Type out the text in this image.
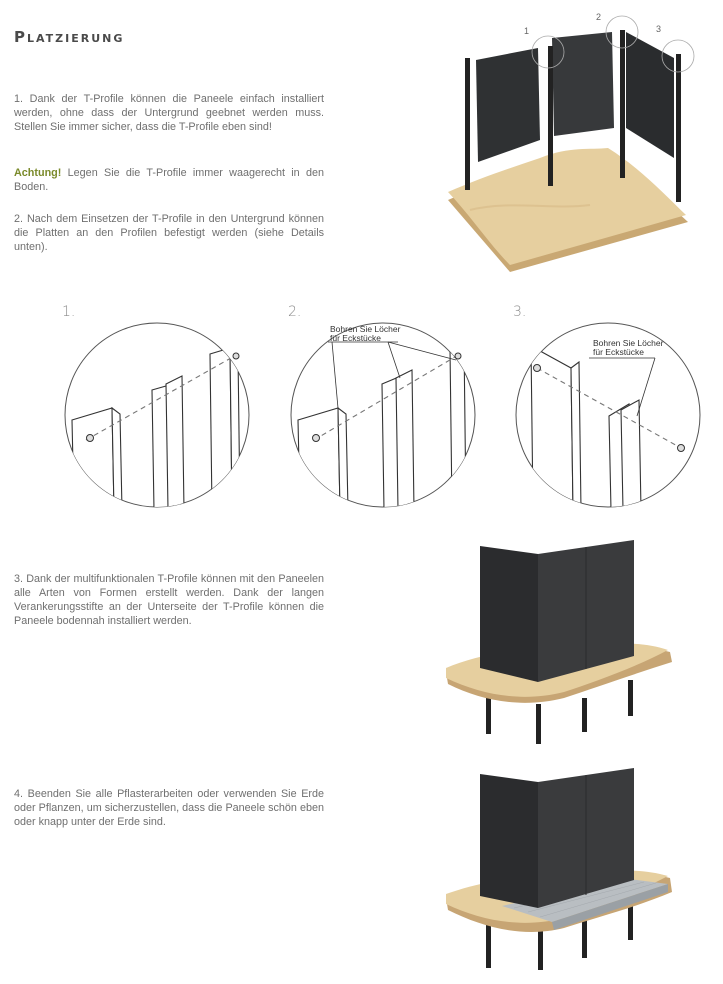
Platzierung

1. Dank der T-Profile können die Paneele einfach installiert werden, ohne dass der Untergrund geebnet werden muss. Stellen Sie immer sicher, dass die T-Profile eben sind!

Achtung! Legen Sie die T-Profile immer waagerecht in den Boden.

2. Nach dem Einsetzen der T-Profile in den Untergrund können die Platten an den Profilen befestigt werden (siehe Details unten).

1
2
3
1.	2.	3.
Bohren Sie Löcher
für Eckstücke	Bohren Sie Löcher
für Eckstücke

3. Dank der multifunktionalen T-Profile können mit den Paneelen alle Arten von Formen erstellt werden. Dank der langen Verankerungsstifte an der Unterseite der T-Profile können die Paneele bodennah installiert werden.

4. Beenden Sie alle Pflasterarbeiten oder verwenden Sie Erde oder Pflanzen, um sicherzustellen, dass die Paneele schön eben oder knapp unter der Erde sind.
